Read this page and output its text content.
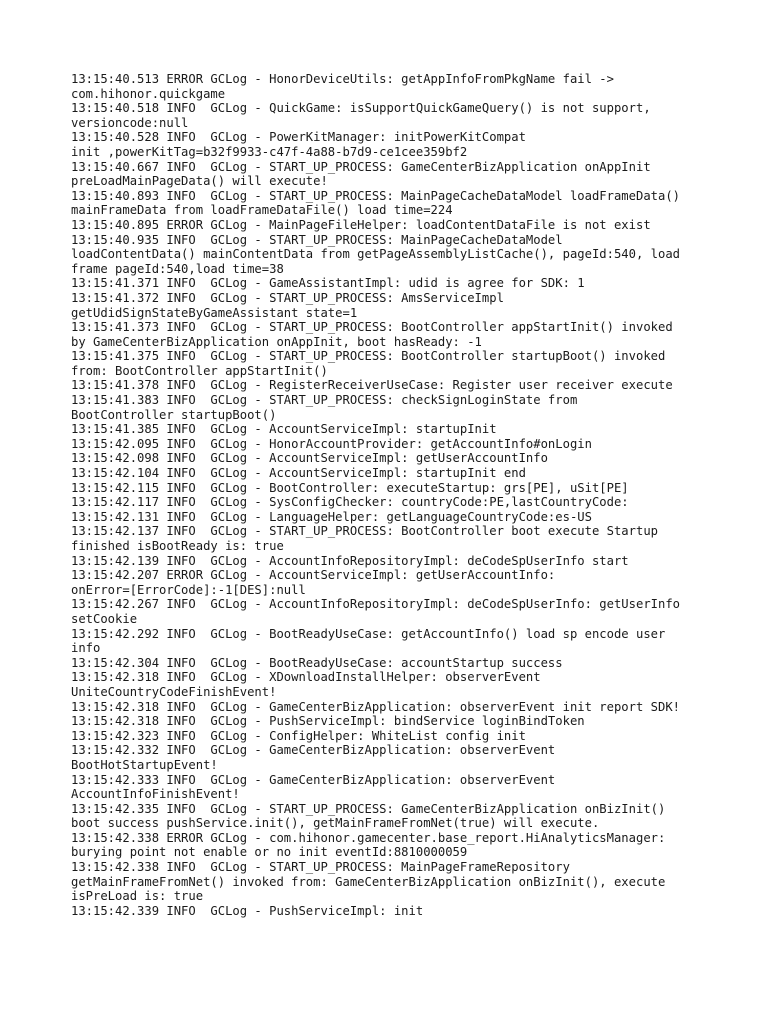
13:15:40.513 ERROR GCLog - HonorDeviceUtils: getAppInfoFromPkgName fail ->
com.hihonor.quickgame
13:15:40.518 INFO  GCLog - QuickGame: isSupportQuickGameQuery() is not support,
versioncode:null
13:15:40.528 INFO  GCLog - PowerKitManager: initPowerKitCompat
init ,powerKitTag=b32f9933-c47f-4a88-b7d9-ce1cee359bf2
13:15:40.667 INFO  GCLog - START_UP_PROCESS: GameCenterBizApplication onAppInit
preLoadMainPageData() will execute!
13:15:40.893 INFO  GCLog - START_UP_PROCESS: MainPageCacheDataModel loadFrameData()
mainFrameData from loadFrameDataFile() load time=224
13:15:40.895 ERROR GCLog - MainPageFileHelper: loadContentDataFile is not exist
13:15:40.935 INFO  GCLog - START_UP_PROCESS: MainPageCacheDataModel
loadContentData() mainContentData from getPageAssemblyListCache(), pageId:540, load
frame pageId:540,load time=38
13:15:41.371 INFO  GCLog - GameAssistantImpl: udid is agree for SDK: 1
13:15:41.372 INFO  GCLog - START_UP_PROCESS: AmsServiceImpl
getUdidSignStateByGameAssistant state=1
13:15:41.373 INFO  GCLog - START_UP_PROCESS: BootController appStartInit() invoked
by GameCenterBizApplication onAppInit, boot hasReady: -1
13:15:41.375 INFO  GCLog - START_UP_PROCESS: BootController startupBoot() invoked
from: BootController appStartInit()
13:15:41.378 INFO  GCLog - RegisterReceiverUseCase: Register user receiver execute
13:15:41.383 INFO  GCLog - START_UP_PROCESS: checkSignLoginState from
BootController startupBoot()
13:15:41.385 INFO  GCLog - AccountServiceImpl: startupInit
13:15:42.095 INFO  GCLog - HonorAccountProvider: getAccountInfo#onLogin
13:15:42.098 INFO  GCLog - AccountServiceImpl: getUserAccountInfo
13:15:42.104 INFO  GCLog - AccountServiceImpl: startupInit end
13:15:42.115 INFO  GCLog - BootController: executeStartup: grs[PE], uSit[PE]
13:15:42.117 INFO  GCLog - SysConfigChecker: countryCode:PE,lastCountryCode:
13:15:42.131 INFO  GCLog - LanguageHelper: getLanguageCountryCode:es-US
13:15:42.137 INFO  GCLog - START_UP_PROCESS: BootController boot execute Startup
finished isBootReady is: true
13:15:42.139 INFO  GCLog - AccountInfoRepositoryImpl: deCodeSpUserInfo start
13:15:42.207 ERROR GCLog - AccountServiceImpl: getUserAccountInfo:
onError=[ErrorCode]:-1[DES]:null
13:15:42.267 INFO  GCLog - AccountInfoRepositoryImpl: deCodeSpUserInfo: getUserInfo
setCookie
13:15:42.292 INFO  GCLog - BootReadyUseCase: getAccountInfo() load sp encode user
info
13:15:42.304 INFO  GCLog - BootReadyUseCase: accountStartup success
13:15:42.318 INFO  GCLog - XDownloadInstallHelper: observerEvent
UniteCountryCodeFinishEvent!
13:15:42.318 INFO  GCLog - GameCenterBizApplication: observerEvent init report SDK!
13:15:42.318 INFO  GCLog - PushServiceImpl: bindService loginBindToken
13:15:42.323 INFO  GCLog - ConfigHelper: WhiteList config init
13:15:42.332 INFO  GCLog - GameCenterBizApplication: observerEvent
BootHotStartupEvent!
13:15:42.333 INFO  GCLog - GameCenterBizApplication: observerEvent
AccountInfoFinishEvent!
13:15:42.335 INFO  GCLog - START_UP_PROCESS: GameCenterBizApplication onBizInit()
boot success pushService.init(), getMainFrameFromNet(true) will execute.
13:15:42.338 ERROR GCLog - com.hihonor.gamecenter.base_report.HiAnalyticsManager:
burying point not enable or no init eventId:8810000059
13:15:42.338 INFO  GCLog - START_UP_PROCESS: MainPageFrameRepository
getMainFrameFromNet() invoked from: GameCenterBizApplication onBizInit(), execute
isPreLoad is: true
13:15:42.339 INFO  GCLog - PushServiceImpl: init
